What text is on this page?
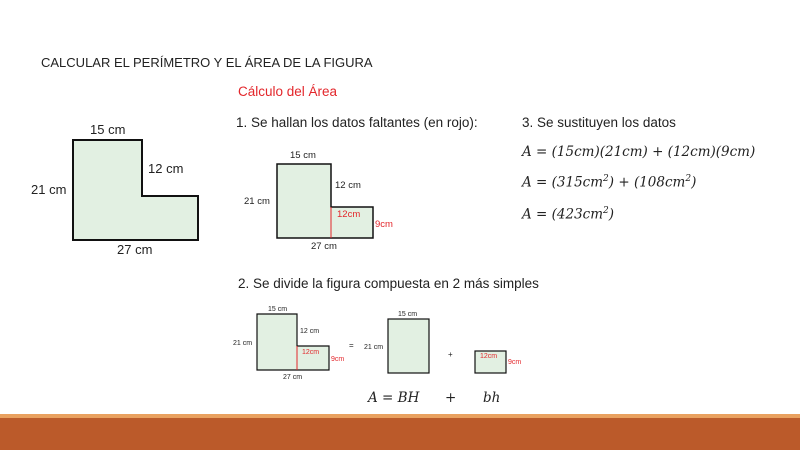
CALCULAR EL PERÍMETRO Y EL ÁREA DE LA FIGURA
Cálculo del Área
15 cm
12 cm
21 cm
27 cm
15 cm
12 cm
21 cm
27 cm
12cm
9cm
15 cm
12 cm
21 cm
27 cm
12cm
9cm
=
15 cm
21 cm
+	12cm
9cm
1. Se hallan los datos faltantes (en rojo):
2. Se divide la figura compuesta en 2 más simples
3. Se sustituyen los datos
A = (15cm)(21cm) + (12cm)(9cm)
$A = (315cm^2) + (108cm^2)$
$A = (423cm^2)$
A = BH + bh
